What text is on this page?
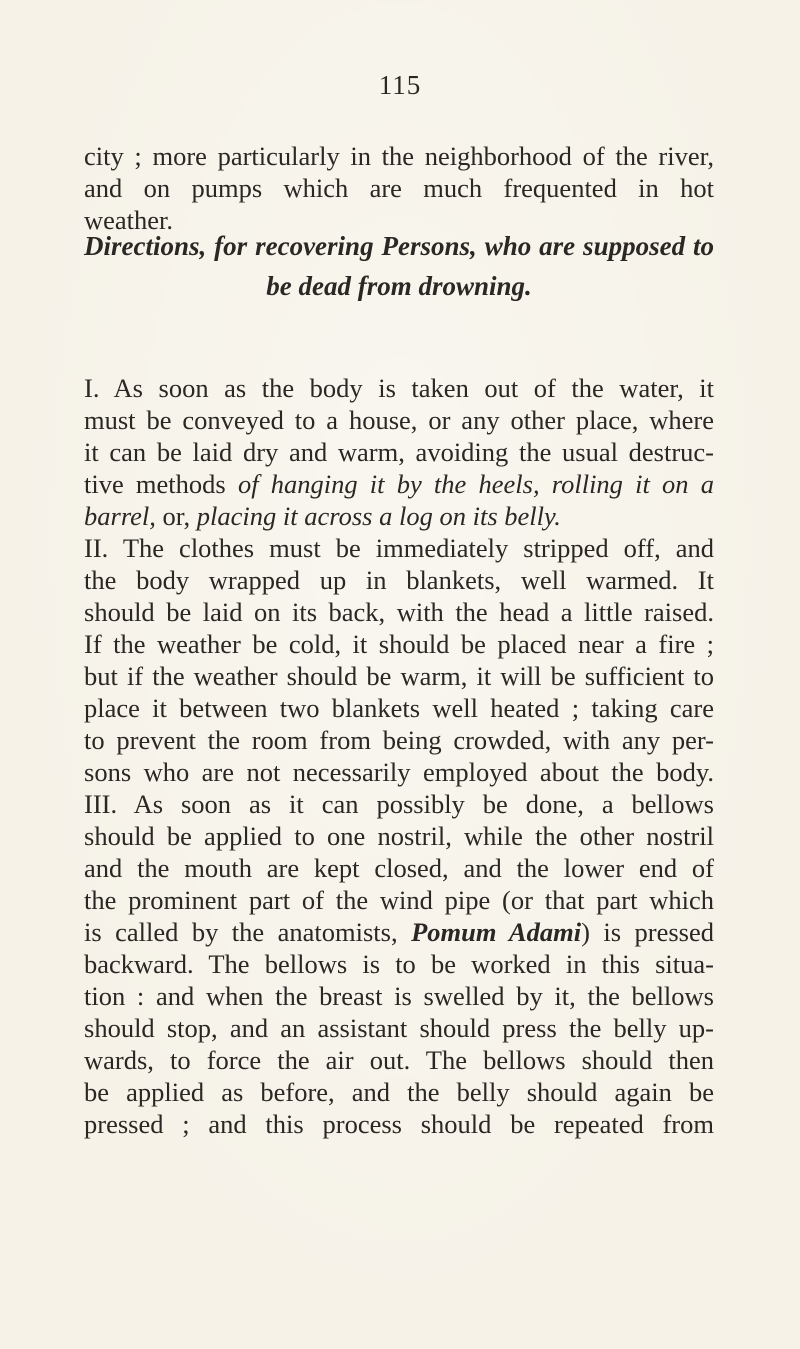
115
city ; more particularly in the neighborhood of the river,
and on pumps which are much frequented in hot
weather.
Directions, for recovering Persons, who are supposed to
be dead from drowning.
I. As soon as the body is taken out of the water, it
must be conveyed to a house, or any other place, where
it can be laid dry and warm, avoiding the usual destruc-
tive methods of hanging it by the heels, rolling it on a
barrel, or, placing it across a log on its belly.
II. The clothes must be immediately stripped off, and
the body wrapped up in blankets, well warmed. It
should be laid on its back, with the head a little raised.
If the weather be cold, it should be placed near a fire ;
but if the weather should be warm, it will be sufficient to
place it between two blankets well heated ; taking care
to prevent the room from being crowded, with any per-
sons who are not necessarily employed about the body.
III. As soon as it can possibly be done, a bellows
should be applied to one nostril, while the other nostril
and the mouth are kept closed, and the lower end of
the prominent part of the wind pipe (or that part which
is called by the anatomists, Pomum Adami) is pressed
backward. The bellows is to be worked in this situa-
tion : and when the breast is swelled by it, the bellows
should stop, and an assistant should press the belly up-
wards, to force the air out. The bellows should then
be applied as before, and the belly should again be
pressed ; and this process should be repeated from
